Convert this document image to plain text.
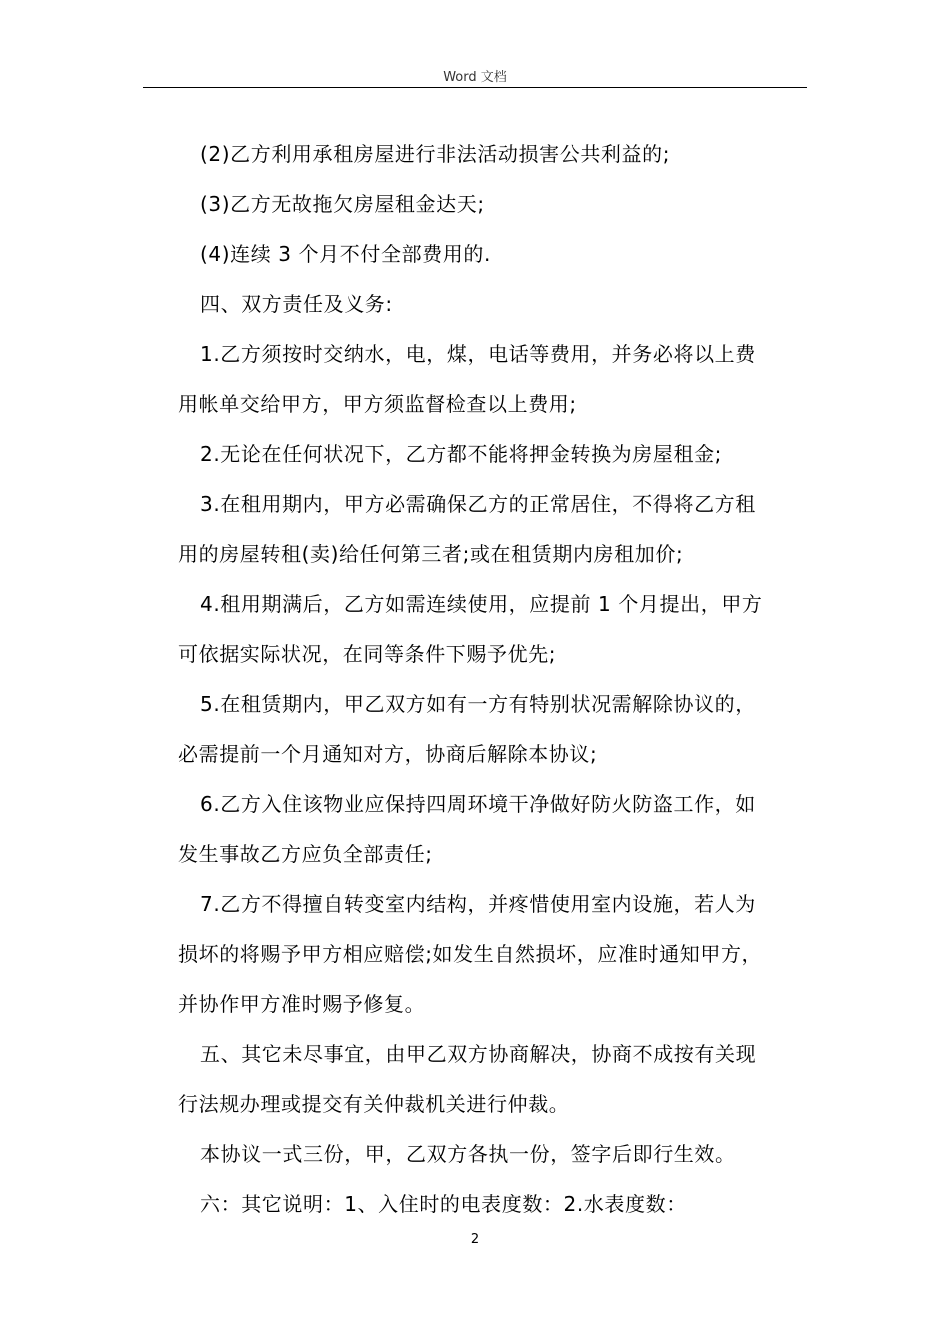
Word 文档

(2)乙方利用承租房屋进行非法活动损害公共利益的;

(3)乙方无故拖欠房屋租金达天;

(4)连续 3 个月不付全部费用的.

四、双方责任及义务:

1.乙方须按时交纳水，电，煤，电话等费用，并务必将以上费
用帐单交给甲方，甲方须监督检查以上费用;

2.无论在任何状况下，乙方都不能将押金转换为房屋租金;

3.在租用期内，甲方必需确保乙方的正常居住，不得将乙方租
用的房屋转租(卖)给任何第三者;或在租赁期内房租加价;

4.租用期满后，乙方如需连续使用，应提前 1 个月提出，甲方
可依据实际状况，在同等条件下赐予优先;

5.在租赁期内，甲乙双方如有一方有特别状况需解除协议的，
必需提前一个月通知对方，协商后解除本协议;

6.乙方入住该物业应保持四周环境干净做好防火防盗工作，如
发生事故乙方应负全部责任;

7.乙方不得擅自转变室内结构，并疼惜使用室内设施，若人为
损坏的将赐予甲方相应赔偿;如发生自然损坏，应准时通知甲方，
并协作甲方准时赐予修复。

五、其它未尽事宜，由甲乙双方协商解决，协商不成按有关现
行法规办理或提交有关仲裁机关进行仲裁。

本协议一式三份，甲，乙双方各执一份，签字后即行生效。

六：其它说明：1、入住时的电表度数：2.水表度数：

2
